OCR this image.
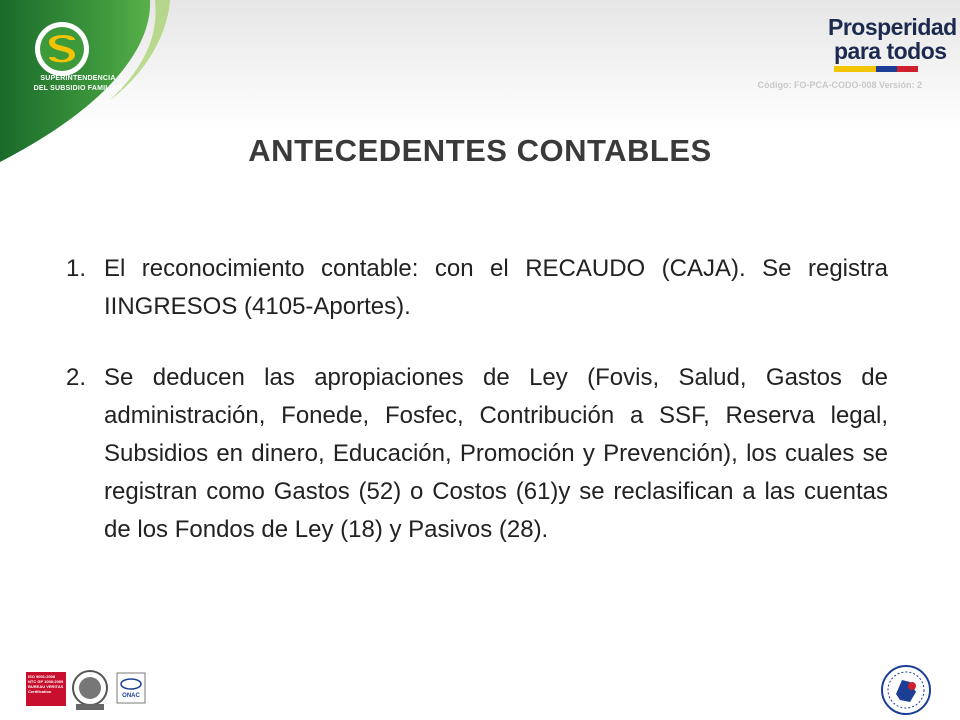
SUPERINTENDENCIA
DEL SUBSIDIO FAMILIAR
Prosperidad
para todos
Código: FO-PCA-CODO-008 Versión: 2
ANTECEDENTES CONTABLES
1. El reconocimiento contable: con el RECAUDO (CAJA). Se registra IINGRESOS (4105-Aportes).
2. Se deducen las apropiaciones de Ley (Fovis, Salud, Gastos de administración, Fonede, Fosfec, Contribución a SSF, Reserva legal, Subsidios en dinero, Educación, Promoción y Prevención), los cuales se registran como Gastos (52) o Costos (61)y se reclasifican a las cuentas de los Fondos de Ley (18) y Pasivos (28).
ISO 9001:2008 NTC GP 1000:2009 BUREAU VERITAS Certification
ONAC
